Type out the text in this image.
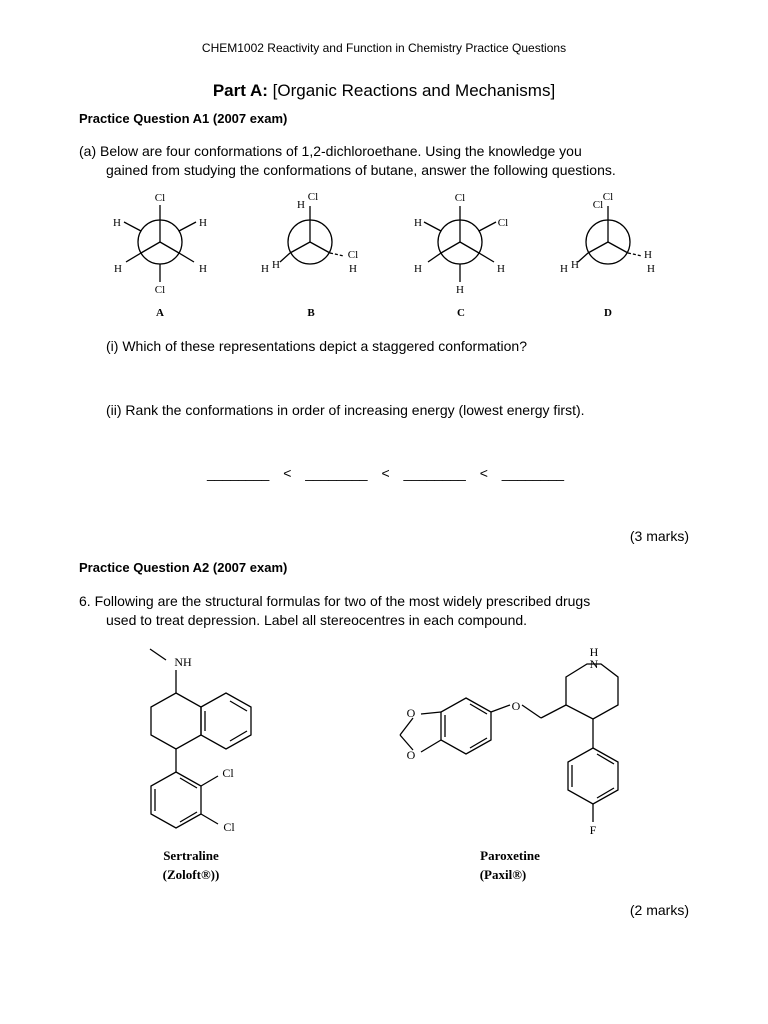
CHEM1002 Reactivity and Function in Chemistry Practice Questions
Part A: [Organic Reactions and Mechanisms]
Practice Question A1 (2007 exam)
(a) Below are four conformations of 1,2-dichloroethane. Using the knowledge you
gained from studying the conformations of butane, answer the following questions.
Cl
H	H
H	H
Cl
Cl
H
Cl
H
H H
Cl
H	Cl
H	H
H
Cl
Cl
H
H
H H
A	B	C	D
(i) Which of these representations depict a staggered conformation?
(ii) Rank the conformations in order of increasing energy (lowest energy first).
________ < ________ < ________ < ________
(3 marks)
Practice Question A2 (2007 exam)
6. Following are the structural formulas for two of the most widely prescribed drugs
used to treat depression. Label all stereocentres in each compound.
NH
Cl
Cl
O
O
O
H
N
F
Sertraline
(Zoloft®))
Paroxetine
(Paxil®)
(2 marks)
